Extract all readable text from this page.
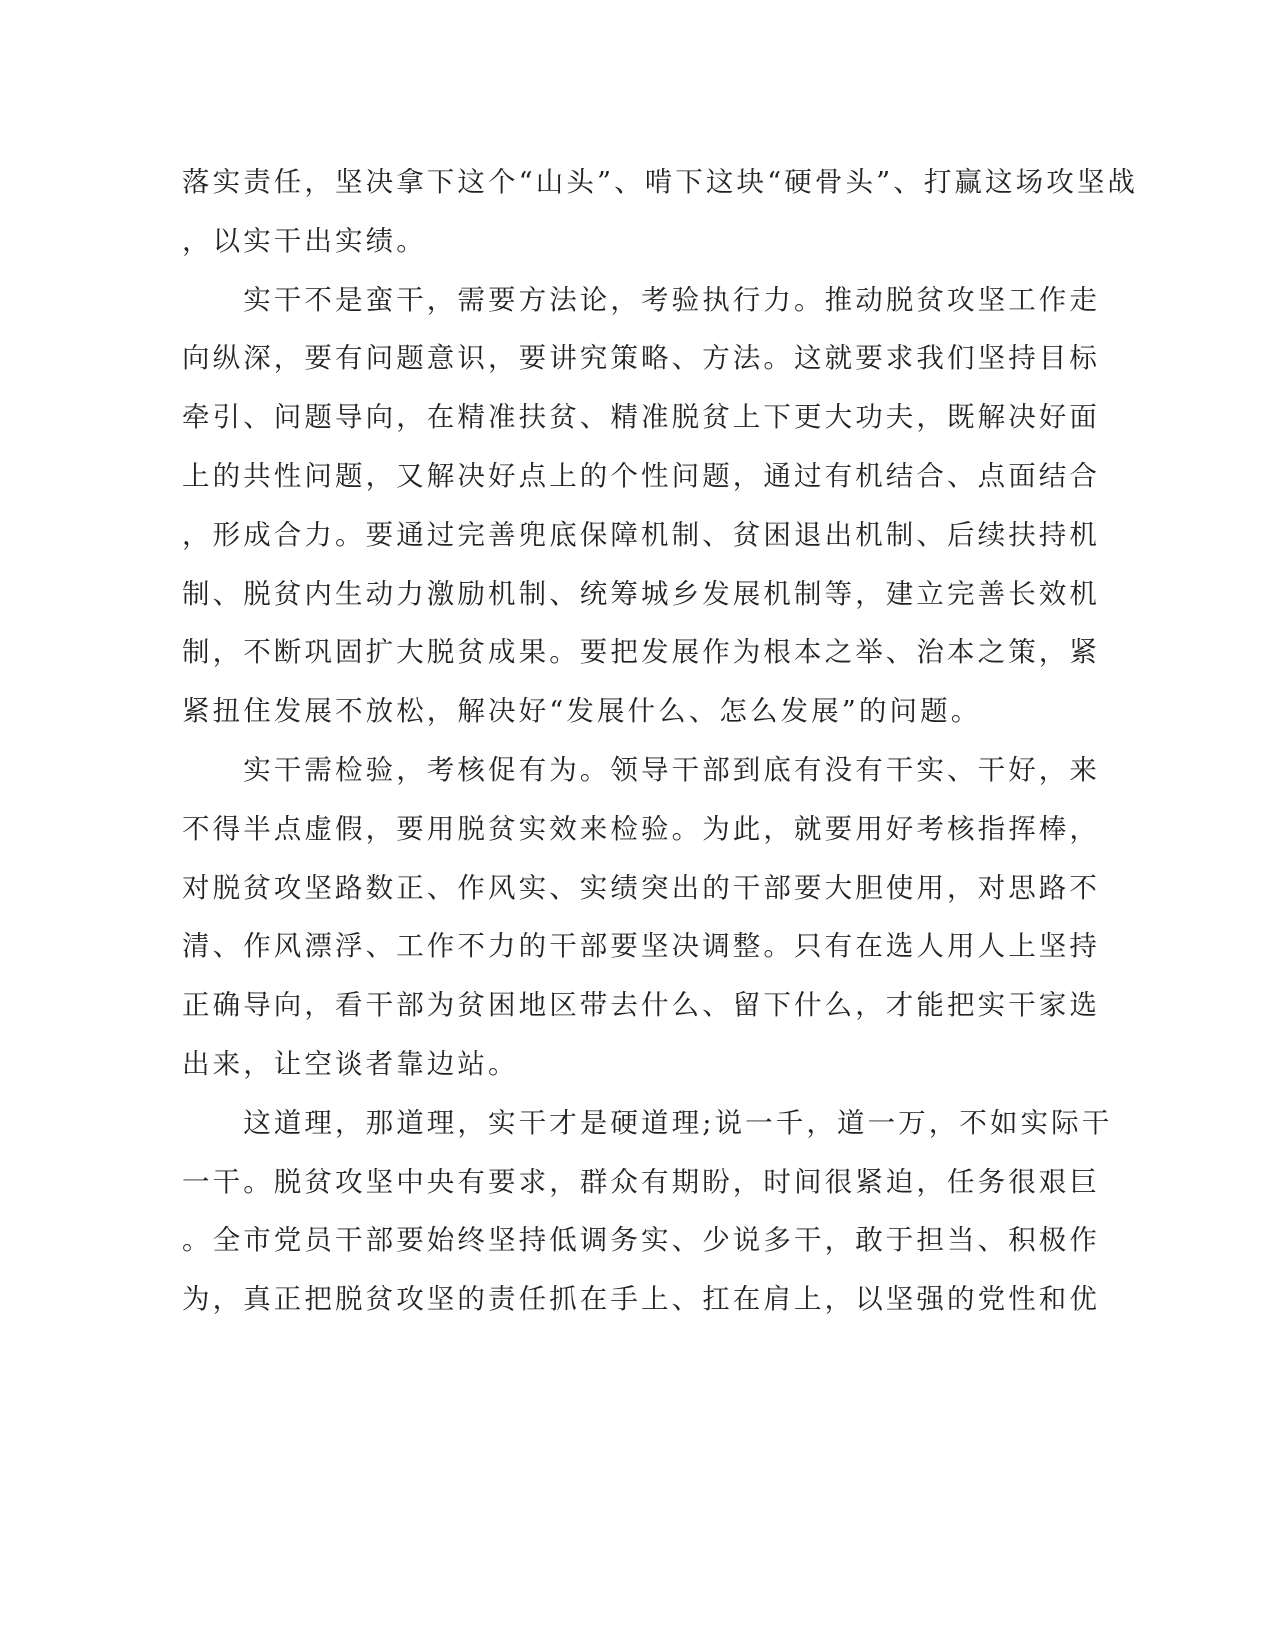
落实责任，坚决拿下这个“山头”、啃下这块“硬骨头”、打赢这场攻坚战
，以实干出实绩。
　　实干不是蛮干，需要方法论，考验执行力。推动脱贫攻坚工作走
向纵深，要有问题意识，要讲究策略、方法。这就要求我们坚持目标
牵引、问题导向，在精准扶贫、精准脱贫上下更大功夫，既解决好面
上的共性问题，又解决好点上的个性问题，通过有机结合、点面结合
，形成合力。要通过完善兜底保障机制、贫困退出机制、后续扶持机
制、脱贫内生动力激励机制、统筹城乡发展机制等，建立完善长效机
制，不断巩固扩大脱贫成果。要把发展作为根本之举、治本之策，紧
紧扭住发展不放松，解决好“发展什么、怎么发展”的问题。
　　实干需检验，考核促有为。领导干部到底有没有干实、干好，来
不得半点虚假，要用脱贫实效来检验。为此，就要用好考核指挥棒，
对脱贫攻坚路数正、作风实、实绩突出的干部要大胆使用，对思路不
清、作风漂浮、工作不力的干部要坚决调整。只有在选人用人上坚持
正确导向，看干部为贫困地区带去什么、留下什么，才能把实干家选
出来，让空谈者靠边站。
　　这道理，那道理，实干才是硬道理;说一千，道一万，不如实际干
一干。脱贫攻坚中央有要求，群众有期盼，时间很紧迫，任务很艰巨
。全市党员干部要始终坚持低调务实、少说多干，敢于担当、积极作
为，真正把脱贫攻坚的责任抓在手上、扛在肩上，以坚强的党性和优
